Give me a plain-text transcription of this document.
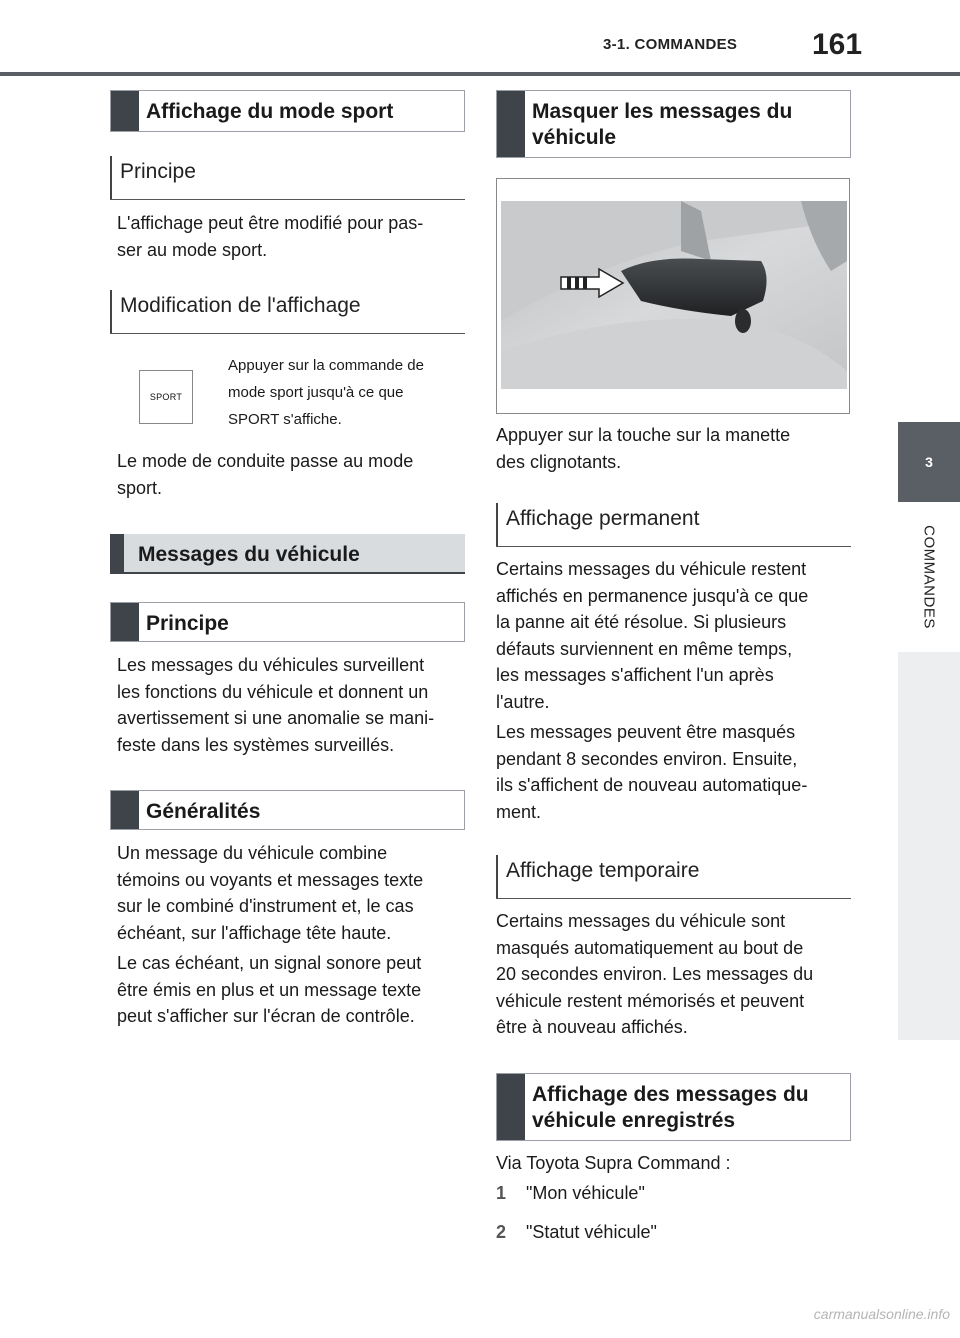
3-1. COMMANDES 161
3
COMMANDES
Affichage du mode sport
Principe

L'affichage peut être modifié pour pas-
ser au mode sport.

Modification de l'affichage
SPORT

Appuyer sur la commande de
mode sport jusqu'à ce que
SPORT s'affiche.

Le mode de conduite passe au mode
sport.

Messages du véhicule
Principe

Les messages du véhicules surveillent
les fonctions du véhicule et donnent un
avertissement si une anomalie se mani-
feste dans les systèmes surveillés.

Généralités

Un message du véhicule combine
témoins ou voyants et messages texte
sur le combiné d'instrument et, le cas
échéant, sur l'affichage tête haute.

Le cas échéant, un signal sonore peut
être émis en plus et un message texte
peut s'afficher sur l'écran de contrôle.

Masquer les messages du
véhicule

Appuyer sur la touche sur la manette
des clignotants.

Affichage permanent

Certains messages du véhicule restent
affichés en permanence jusqu'à ce que
la panne ait été résolue. Si plusieurs
défauts surviennent en même temps,
les messages s'affichent l'un après
l'autre.

Les messages peuvent être masqués
pendant 8 secondes environ. Ensuite,
ils s'affichent de nouveau automatique-
ment.

Affichage temporaire

Certains messages du véhicule sont
masqués automatiquement au bout de
20 secondes environ. Les messages du
véhicule restent mémorisés et peuvent
être à nouveau affichés.

Affichage des messages du
véhicule enregistrés

Via Toyota Supra Command :

1 "Mon véhicule"
2 "Statut véhicule"
carmanualsonline.info
